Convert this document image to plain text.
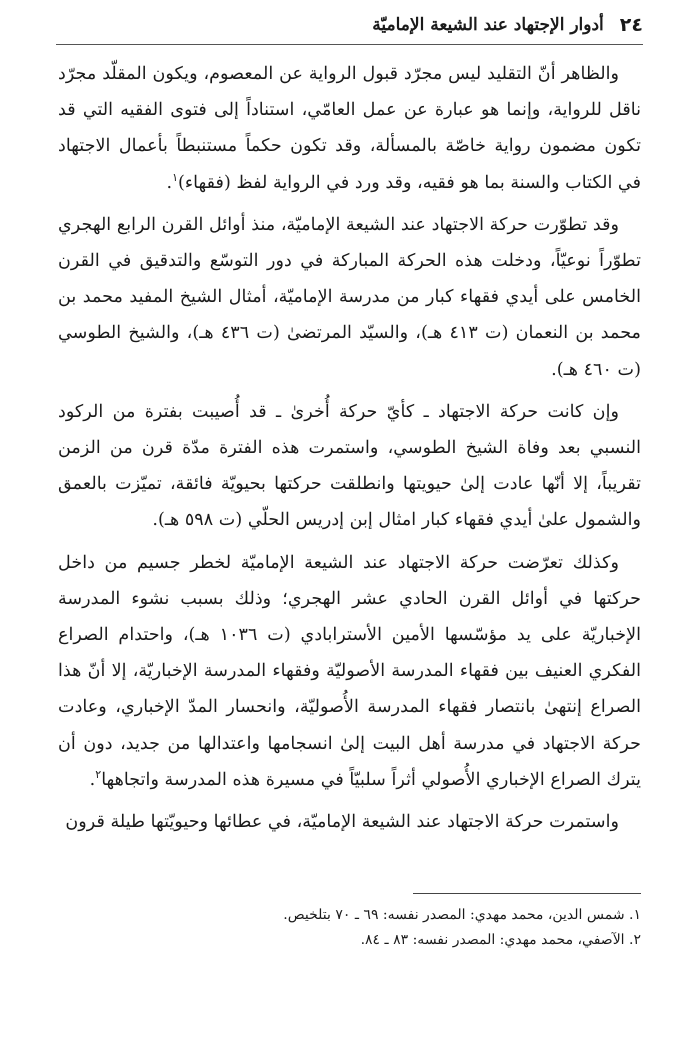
٢٤
أدوار الإجتهاد عند الشيعة الإماميّة

والظاهر أنّ التقليد ليس مجرّد قبول الرواية عن المعصوم، ويكون المقلّد مجرّد ناقل للرواية، وإنما هو عبارة عن عمل العامّي، استناداً إلى فتوى الفقيه التي قد تكون مضمون رواية خاصّة بالمسألة، وقد تكون حكماً مستنبطاً بأعمال الاجتهاد في الكتاب والسنة بما هو فقيه، وقد ورد في الرواية لفظ (فقهاء)$^١$.

وقد تطوّرت حركة الاجتهاد عند الشيعة الإماميّة، منذ أوائل القرن الرابع الهجري تطوّراً نوعيّاً، ودخلت هذه الحركة المباركة في دور التوسّع والتدقيق في القرن الخامس على أيدي فقهاء كبار من مدرسة الإماميّة، أمثال الشيخ المفيد محمد بن محمد بن النعمان (ت ٤١٣ هـ)، والسيّد المرتضىٰ (ت ٤٣٦ هـ)، والشيخ الطوسي (ت ٤٦٠ هـ).

وإن كانت حركة الاجتهاد ـ كأيّ حركة أُخرىٰ ـ قد أُصيبت بفترة من الركود النسبي بعد وفاة الشيخ الطوسي، واستمرت هذه الفترة مدّة قرن من الزمن تقريباً، إلا أنّها عادت إلىٰ حيويتها وانطلقت حركتها بحيويّة فائقة، تميّزت بالعمق والشمول علىٰ أيدي فقهاء كبار امثال إبن إدريس الحلّي (ت ٥٩٨ هـ).

وكذلك تعرّضت حركة الاجتهاد عند الشيعة الإماميّة لخطر جسيم من داخل حركتها في أوائل القرن الحادي عشر الهجري؛ وذلك بسبب نشوء المدرسة الإخباريّة على يد مؤسّسها الأمين الأسترابادي (ت ١٠٣٦ هـ)، واحتدام الصراع الفكري العنيف بين فقهاء المدرسة الأصوليّة وفقهاء المدرسة الإخباريّة، إلا أنّ هذا الصراع إنتهىٰ بانتصار فقهاء المدرسة الأُصوليّة، وانحسار المدّ الإخباري، وعادت حركة الاجتهاد في مدرسة أهل البيت إلىٰ انسجامها واعتدالها من جديد، دون أن يترك الصراع الإخباري الأُصولي أثراً سلبيّاً في مسيرة هذه المدرسة واتجاهها$^٢$.

واستمرت حركة الاجتهاد عند الشيعة الإماميّة، في عطائها وحيويّتها طيلة قرون

١. شمس الدين، محمد مهدي: المصدر نفسه: ٦٩ ـ ٧٠ بتلخيص.

٢. الآصفي، محمد مهدي: المصدر نفسه: ٨٣ ـ ٨٤.
